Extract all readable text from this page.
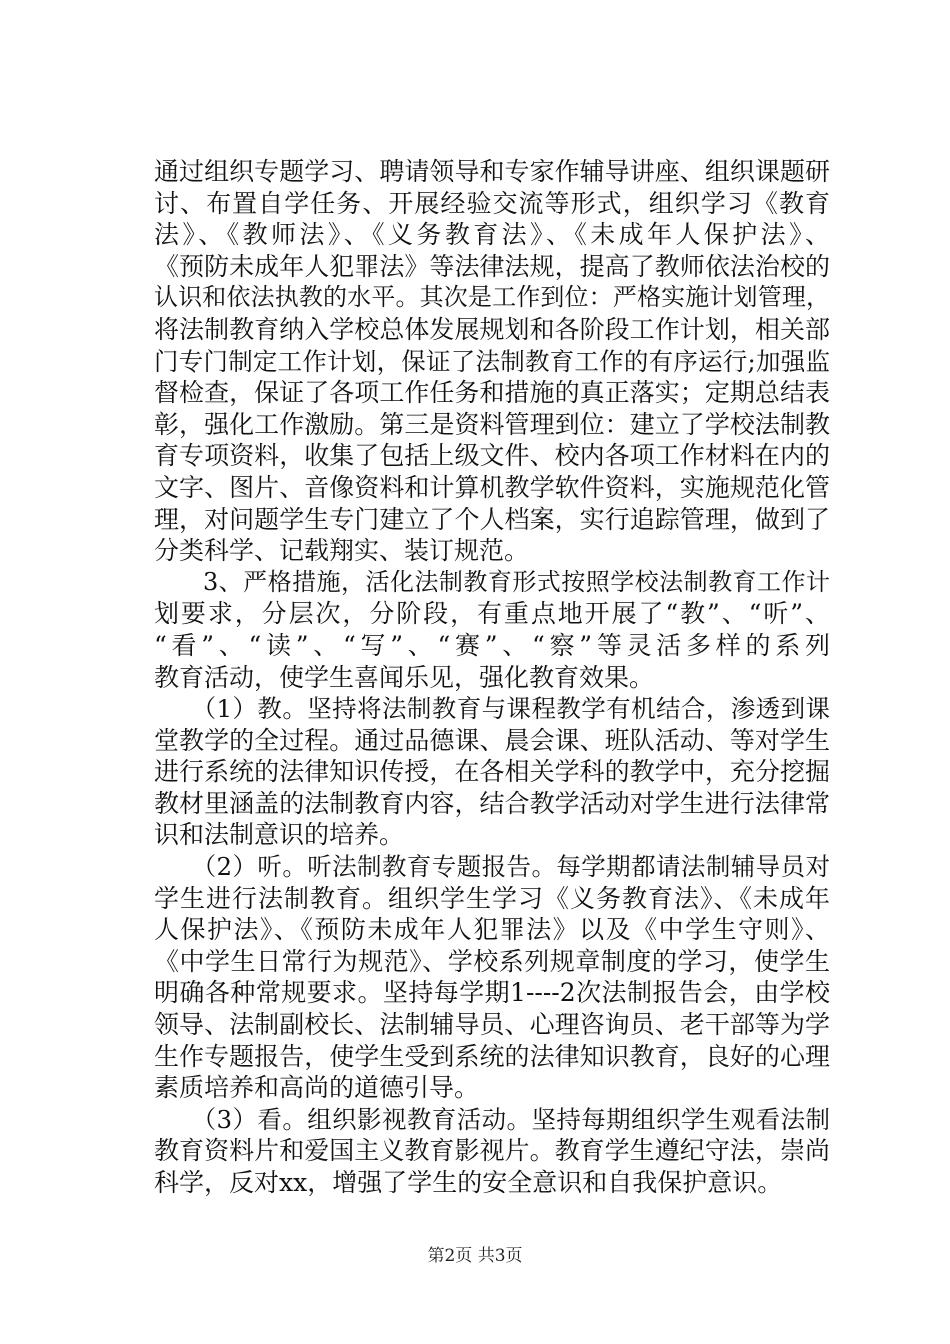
通过组织专题学习、聘请领导和专家作辅导讲座、组织课题研
讨、布置自学任务、开展经验交流等形式，组织学习《教育
法》、《教师法》、《义务教育法》、《未成年人保护法》、
《预防未成年人犯罪法》等法律法规，提高了教师依法治校的
认识和依法执教的水平。其次是工作到位：严格实施计划管理，
将法制教育纳入学校总体发展规划和各阶段工作计划，相关部
门专门制定工作计划，保证了法制教育工作的有序运行;加强监
督检查，保证了各项工作任务和措施的真正落实；定期总结表
彰，强化工作激励。第三是资料管理到位：建立了学校法制教
育专项资料，收集了包括上级文件、校内各项工作材料在内的
文字、图片、音像资料和计算机教学软件资料，实施规范化管
理，对问题学生专门建立了个人档案，实行追踪管理，做到了
分类科学、记载翔实、装订规范。
　　3、严格措施，活化法制教育形式按照学校法制教育工作计
划要求，分层次，分阶段，有重点地开展了“教”、“听”、
“看”、“读”、“写”、“赛”、“察”等灵活多样的系列
教育活动，使学生喜闻乐见，强化教育效果。
　　（1）教。坚持将法制教育与课程教学有机结合，渗透到课
堂教学的全过程。通过品德课、晨会课、班队活动、等对学生
进行系统的法律知识传授，在各相关学科的教学中，充分挖掘
教材里涵盖的法制教育内容，结合教学活动对学生进行法律常
识和法制意识的培养。
　　（2）听。听法制教育专题报告。每学期都请法制辅导员对
学生进行法制教育。组织学生学习《义务教育法》、《未成年
人保护法》、《预防未成年人犯罪法》以及《中学生守则》、
《中学生日常行为规范》、学校系列规章制度的学习，使学生
明确各种常规要求。坚持每学期1----2次法制报告会，由学校
领导、法制副校长、法制辅导员、心理咨询员、老干部等为学
生作专题报告，使学生受到系统的法律知识教育，良好的心理
素质培养和高尚的道德引导。
　　（3）看。组织影视教育活动。坚持每期组织学生观看法制
教育资料片和爱国主义教育影视片。教育学生遵纪守法，崇尚
科学，反对xx，增强了学生的安全意识和自我保护意识。
第2页 共3页
